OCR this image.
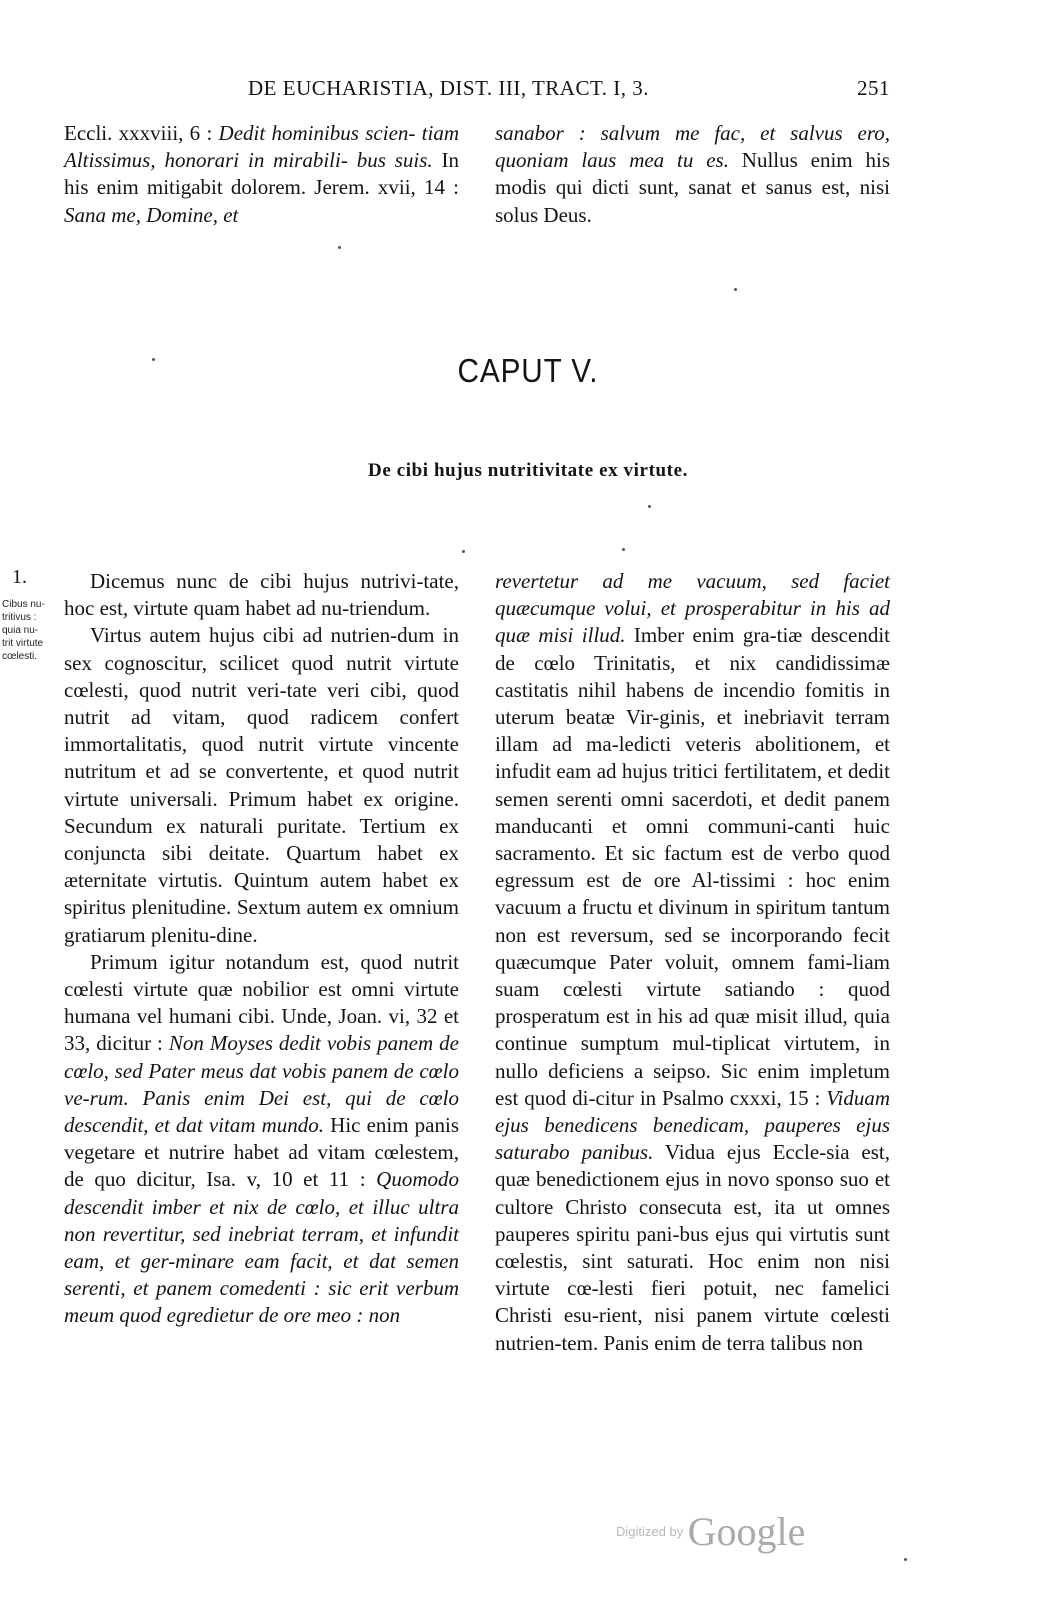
DE EUCHARISTIA, DIST. III, TRACT. I, 3.	251

Eccli. xxxviii, 6 : Dedit hominibus scien- tiam Altissimus, honorari in mirabili- bus suis. In his enim mitigabit dolorem. Jerem. xvii, 14 : Sana me, Domine, et

sanabor : salvum me fac, et salvus ero, quoniam laus mea tu es. Nullus enim his modis qui dicti sunt, sanat et sanus est, nisi solus Deus.

CAPUT V.
De cibi hujus nutritivitate ex virtute.
1.
Cibus nu-
tritivus :
quia nu-
trit virtute
cœlesti.

Dicemus nunc de cibi hujus nutrivi-tate, hoc est, virtute quam habet ad nu-triendum.

Virtus autem hujus cibi ad nutrien-dum in sex cognoscitur, scilicet quod nutrit virtute cœlesti, quod nutrit veri-tate veri cibi, quod nutrit ad vitam, quod radicem confert immortalitatis, quod nutrit virtute vincente nutritum et ad se convertente, et quod nutrit virtute universali. Primum habet ex origine. Secundum ex naturali puritate. Tertium ex conjuncta sibi deitate. Quartum habet ex æternitate virtutis. Quintum autem habet ex spiritus plenitudine. Sextum autem ex omnium gratiarum plenitu-dine.

Primum igitur notandum est, quod nutrit cœlesti virtute quæ nobilior est omni virtute humana vel humani cibi. Unde, Joan. vi, 32 et 33, dicitur : Non Moyses dedit vobis panem de cœlo, sed Pater meus dat vobis panem de cœlo ve-rum. Panis enim Dei est, qui de cœlo descendit, et dat vitam mundo. Hic enim panis vegetare et nutrire habet ad vitam cœlestem, de quo dicitur, Isa. v, 10 et 11 : Quomodo descendit imber et nix de cœlo, et illuc ultra non revertitur, sed inebriat terram, et infundit eam, et ger-minare eam facit, et dat semen serenti, et panem comedenti : sic erit verbum meum quod egredietur de ore meo : non

revertetur ad me vacuum, sed faciet quæcumque volui, et prosperabitur in his ad quæ misi illud. Imber enim gra-tiæ descendit de cœlo Trinitatis, et nix candidissimæ castitatis nihil habens de incendio fomitis in uterum beatæ Vir-ginis, et inebriavit terram illam ad ma-ledicti veteris abolitionem, et infudit eam ad hujus tritici fertilitatem, et dedit semen serenti omni sacerdoti, et dedit panem manducanti et omni communi-canti huic sacramento. Et sic factum est de verbo quod egressum est de ore Al-tissimi : hoc enim vacuum a fructu et divinum in spiritum tantum non est reversum, sed se incorporando fecit quæcumque Pater voluit, omnem fami-liam suam cœlesti virtute satiando : quod prosperatum est in his ad quæ misit illud, quia continue sumptum mul-tiplicat virtutem, in nullo deficiens a seipso. Sic enim impletum est quod di-citur in Psalmo cxxxi, 15 : Viduam ejus benedicens benedicam, pauperes ejus saturabo panibus. Vidua ejus Eccle-sia est, quæ benedictionem ejus in novo sponso suo et cultore Christo consecuta est, ita ut omnes pauperes spiritu pani-bus ejus qui virtutis sunt cœlestis, sint saturati. Hoc enim non nisi virtute cœ-lesti fieri potuit, nec famelici Christi esu-rient, nisi panem virtute cœlesti nutrien-tem. Panis enim de terra talibus non

Digitized by Google
